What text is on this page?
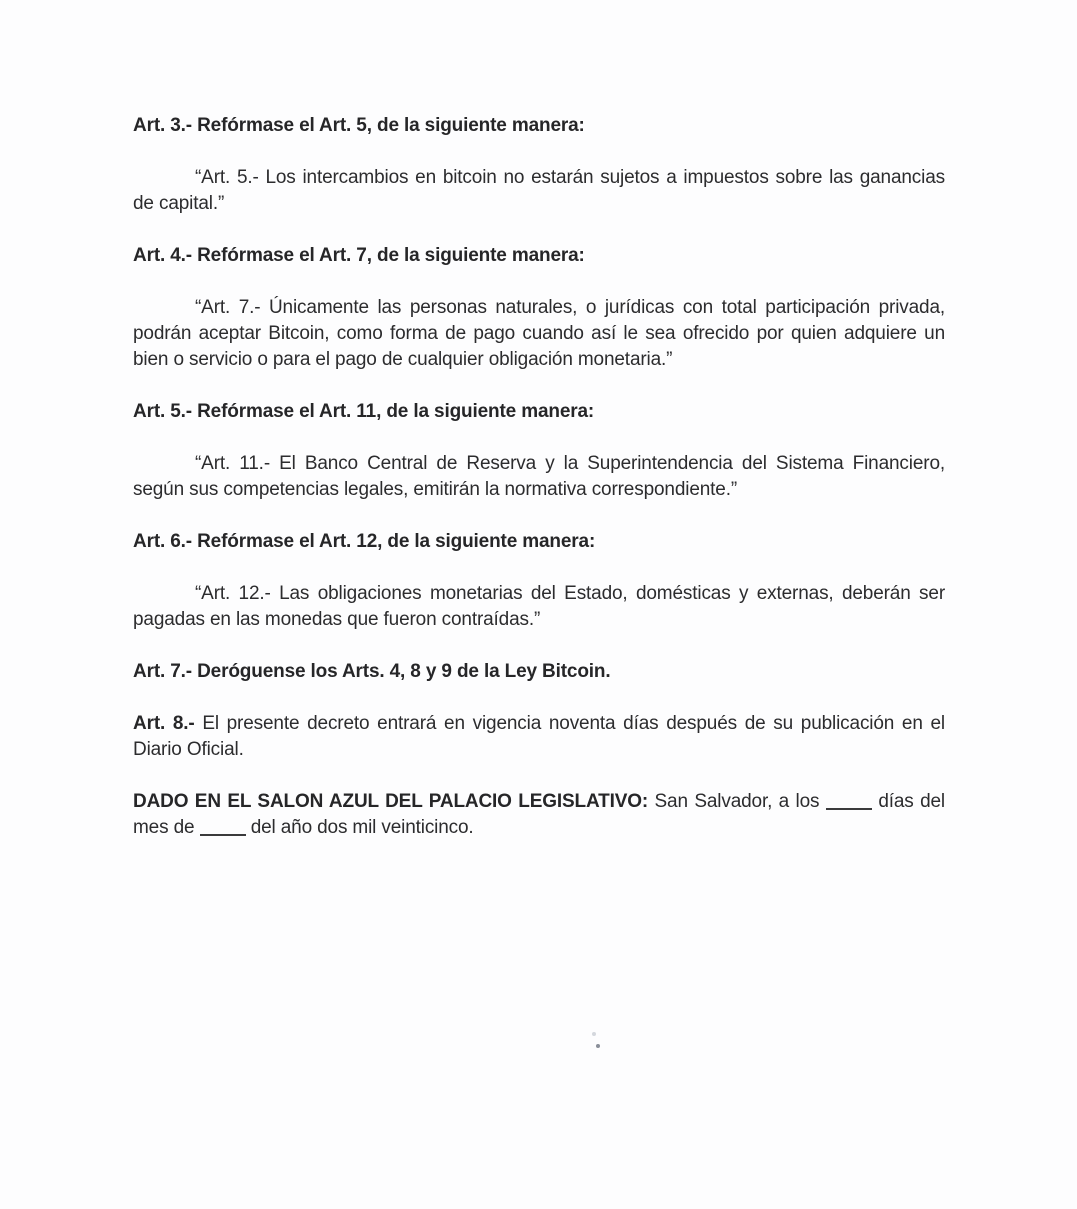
Art. 3.- Refórmase el Art. 5, de la siguiente manera:

“Art. 5.- Los intercambios en bitcoin no estarán sujetos a impuestos sobre las ganancias de capital.”

Art. 4.- Refórmase el Art. 7, de la siguiente manera:

“Art. 7.- Únicamente las personas naturales, o jurídicas con total participación privada, podrán aceptar Bitcoin, como forma de pago cuando así le sea ofrecido por quien adquiere un bien o servicio o para el pago de cualquier obligación monetaria.”

Art. 5.- Refórmase el Art. 11, de la siguiente manera:

“Art. 11.- El Banco Central de Reserva y la Superintendencia del Sistema Financiero, según sus competencias legales, emitirán la normativa correspondiente.”

Art. 6.- Refórmase el Art. 12, de la siguiente manera:

“Art. 12.- Las obligaciones monetarias del Estado, domésticas y externas, deberán ser pagadas en las monedas que fueron contraídas.”

Art. 7.- Deróguense los Arts. 4, 8 y 9 de la Ley Bitcoin.

Art. 8.- El presente decreto entrará en vigencia noventa días después de su publicación en el Diario Oficial.

DADO EN EL SALON AZUL DEL PALACIO LEGISLATIVO: San Salvador, a los	días del mes de	del año dos mil veinticinco.
